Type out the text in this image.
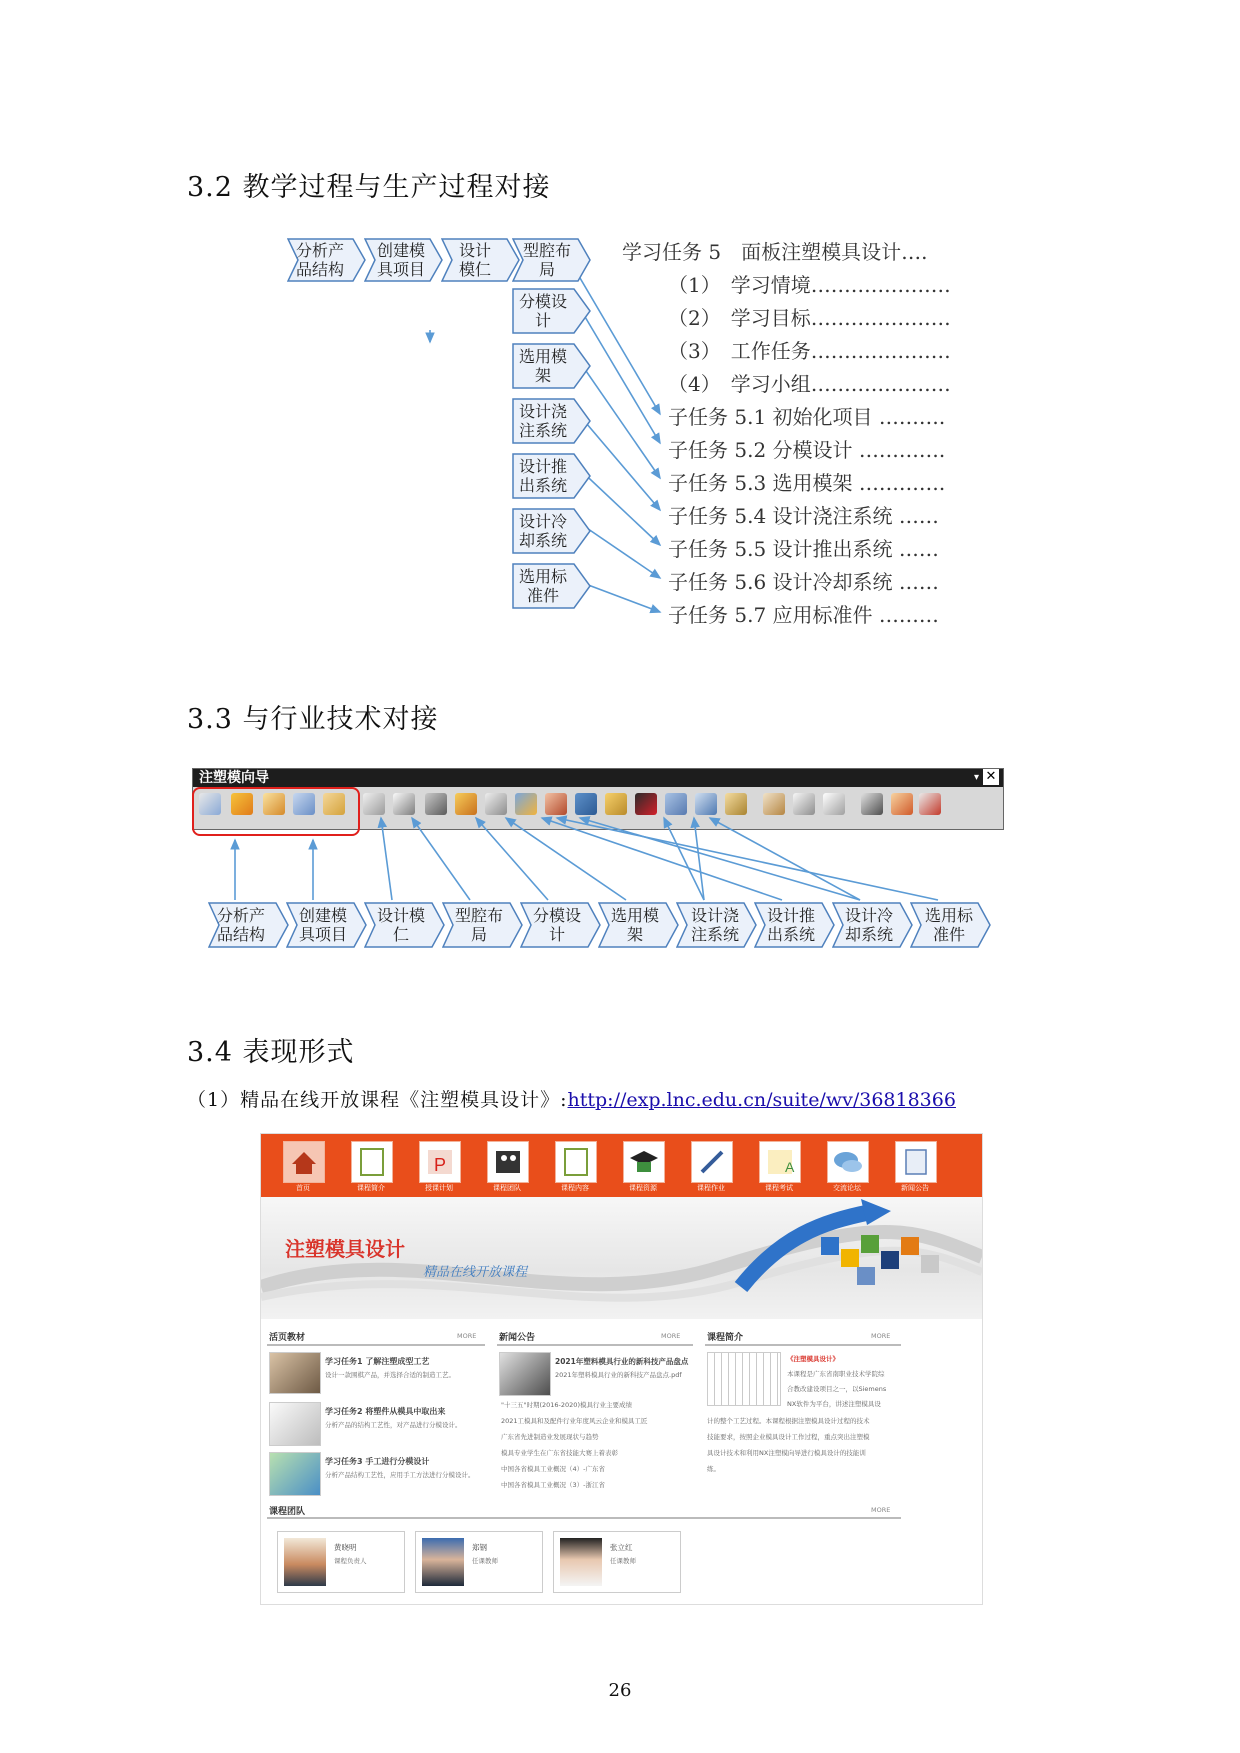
3.2 教学过程与生产过程对接
分析产品结构
创建模具项目
设计模仁
型腔布局
分模设计
选用模架
设计浇注系统
设计推出系统
设计冷却系统
选用标准件
学习任务 5　面板注塑模具设计….
（1）　学习情境…………………
（2）　学习目标…………………
（3）　工作任务…………………
（4）　学习小组…………………
子任务 5.1 初始化项目 ……….
子任务 5.2 分模设计 ………….
子任务 5.3 选用模架 ………….
子任务 5.4 设计浇注系统 ……
子任务 5.5 设计推出系统 ……
子任务 5.6 设计冷却系统 ……
子任务 5.7 应用标准件 ………
3.3 与行业技术对接
注塑模向导	▾ ✕
分析产品结构
创建模具项目
设计模仁
型腔布局
分模设计
选用模架
设计浇注系统
设计推出系统
设计冷却系统
选用标准件
3.4 表现形式
（1）精品在线开放课程《注塑模具设计》:http://exp.lnc.edu.cn/suite/wv/36818366
首页	课程简介
P
授课计划	课程团队	课程内容	课程资源	课程作业
A
课程考试	交流论坛	新闻公告
注塑模具设计
精品在线开放课程
活页教材	MORE
学习任务1 了解注塑成型工艺
设计一款围棋产品，并选择合适的制造工艺。
学习任务2 将塑件从模具中取出来
分析产品的结构工艺性，对产品进行分模设计。
学习任务3 手工进行分模设计
分析产品结构工艺性，应用手工方法进行分模设计。
新闻公告	MORE
2021年塑料模具行业的新科技产品盘点
2021年塑料模具行业的新科技产品盘点.pdf
"十三五"时期(2016-2020)模具行业主要成绩
2021工模具和及配件行业年度风云企业和模具工匠
广东省先进制造业发展现状与趋势
模具专业学生在广东省技能大赛上着表彰
中国各省模具工业概况（4）-广东省
中国各省模具工业概况（3）-浙江省
课程简介	MORE
《注塑模具设计》
本课程是广东省南职业技术学院综
合教改建设项目之一，以Siemens
NX软件为平台，讲述注塑模具设
计的整个工艺过程。本课程根据注塑模具设计过程的技术
技能要求，按照企业模具设计工作过程，重点突出注塑模
具设计技术和利用NX注塑模向导进行模具设计的技能训
练。
课程团队	MORE
黄晓明
课程负责人
郑钢
任课教师
张立红
任课教师
26
